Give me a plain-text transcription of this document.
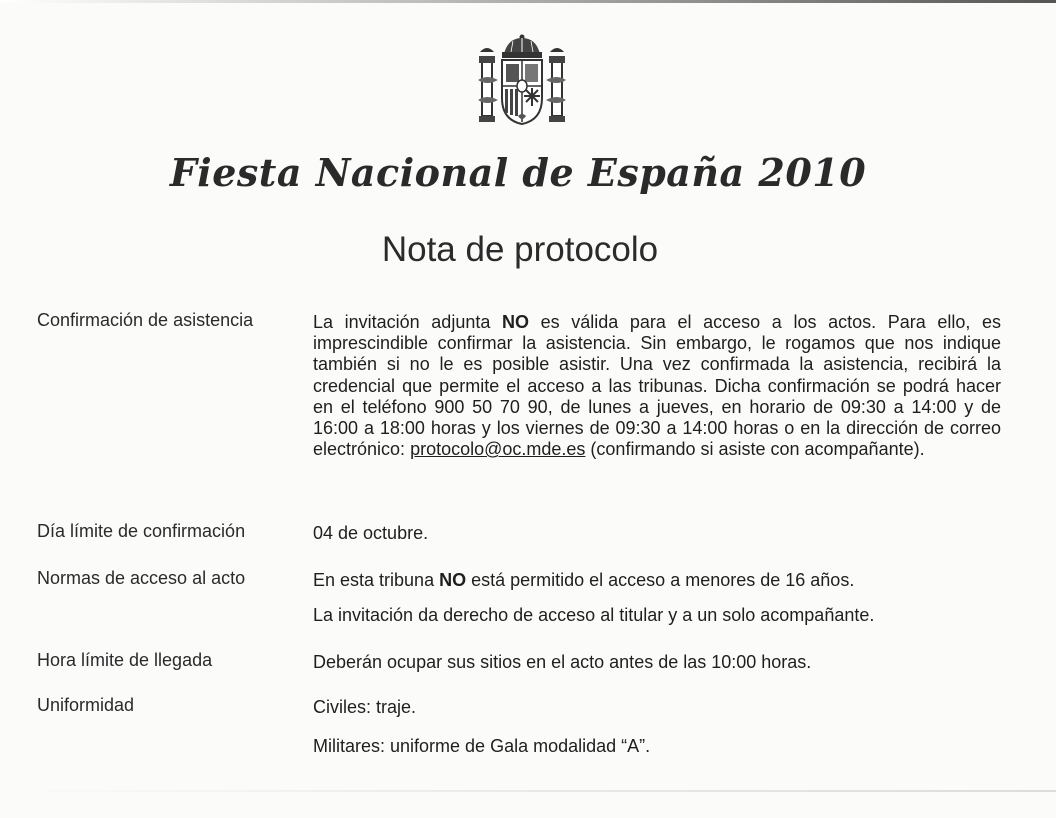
Fiesta Nacional de España 2010
Nota de protocolo
Confirmación de asistencia	La invitación adjunta NO es válida para el acceso a los actos. Para ello, es imprescindible confirmar la asistencia. Sin embargo, le rogamos que nos indique también si no le es posible asistir. Una vez confirmada la asistencia, recibirá la credencial que permite el acceso a las tribunas. Dicha confirmación se podrá hacer en el teléfono 900 50 70 90, de lunes a jueves, en horario de 09:30 a 14:00 y de 16:00 a 18:00 horas y los viernes de 09:30 a 14:00 horas o en la dirección de correo electrónico: protocolo@oc.mde.es (confirmando si asiste con acompañante).
Día límite de confirmación	04 de octubre.
Normas de acceso al acto	En esta tribuna NO está permitido el acceso a menores de 16 años.
La invitación da derecho de acceso al titular y a un solo acompañante.
Hora límite de llegada	Deberán ocupar sus sitios en el acto antes de las 10:00 horas.
Uniformidad	Civiles: traje.
Militares: uniforme de Gala modalidad “A”.
